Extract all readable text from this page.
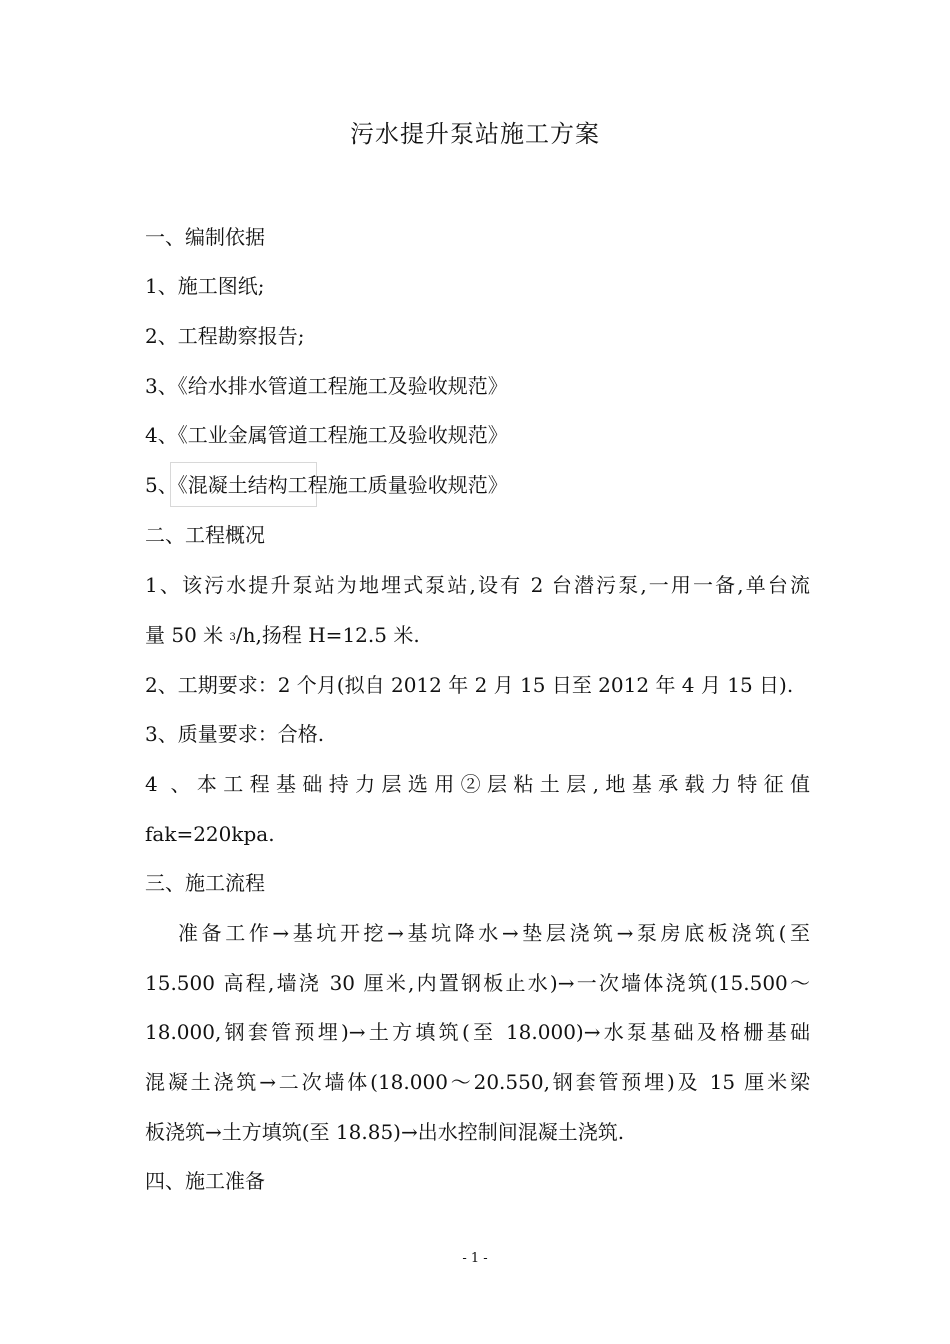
污水提升泵站施工方案
一、编制依据
1、施工图纸;
2、工程勘察报告;
3、《给水排水管道工程施工及验收规范》
4、《工业金属管道工程施工及验收规范》
5、《混凝土结构工程施工质量验收规范》
二、工程概况
1、该污水提升泵站为地埋式泵站,设有 2 台潜污泵,一用一备,单台流
量 50 米 $^3$/h,扬程 H=12.5 米.
2、工期要求：2 个月(拟自 2012 年 2 月 15 日至 2012 年 4 月 15 日).
3、质量要求：合格.
4 、本工程基础持力层选用②层粘土层,地基承载力特征值
fak=220kpa.
三、施工流程
准备工作→基坑开挖→基坑降水→垫层浇筑→泵房底板浇筑(至
15.500 高程,墙浇 30 厘米,内置钢板止水)→一次墙体浇筑(15.500～
18.000,钢套管预埋)→土方填筑(至 18.000)→水泵基础及格栅基础
混凝土浇筑→二次墙体(18.000～20.550,钢套管预埋)及 15 厘米梁
板浇筑→土方填筑(至 18.85)→出水控制间混凝土浇筑.
四、施工准备
- 1 -
